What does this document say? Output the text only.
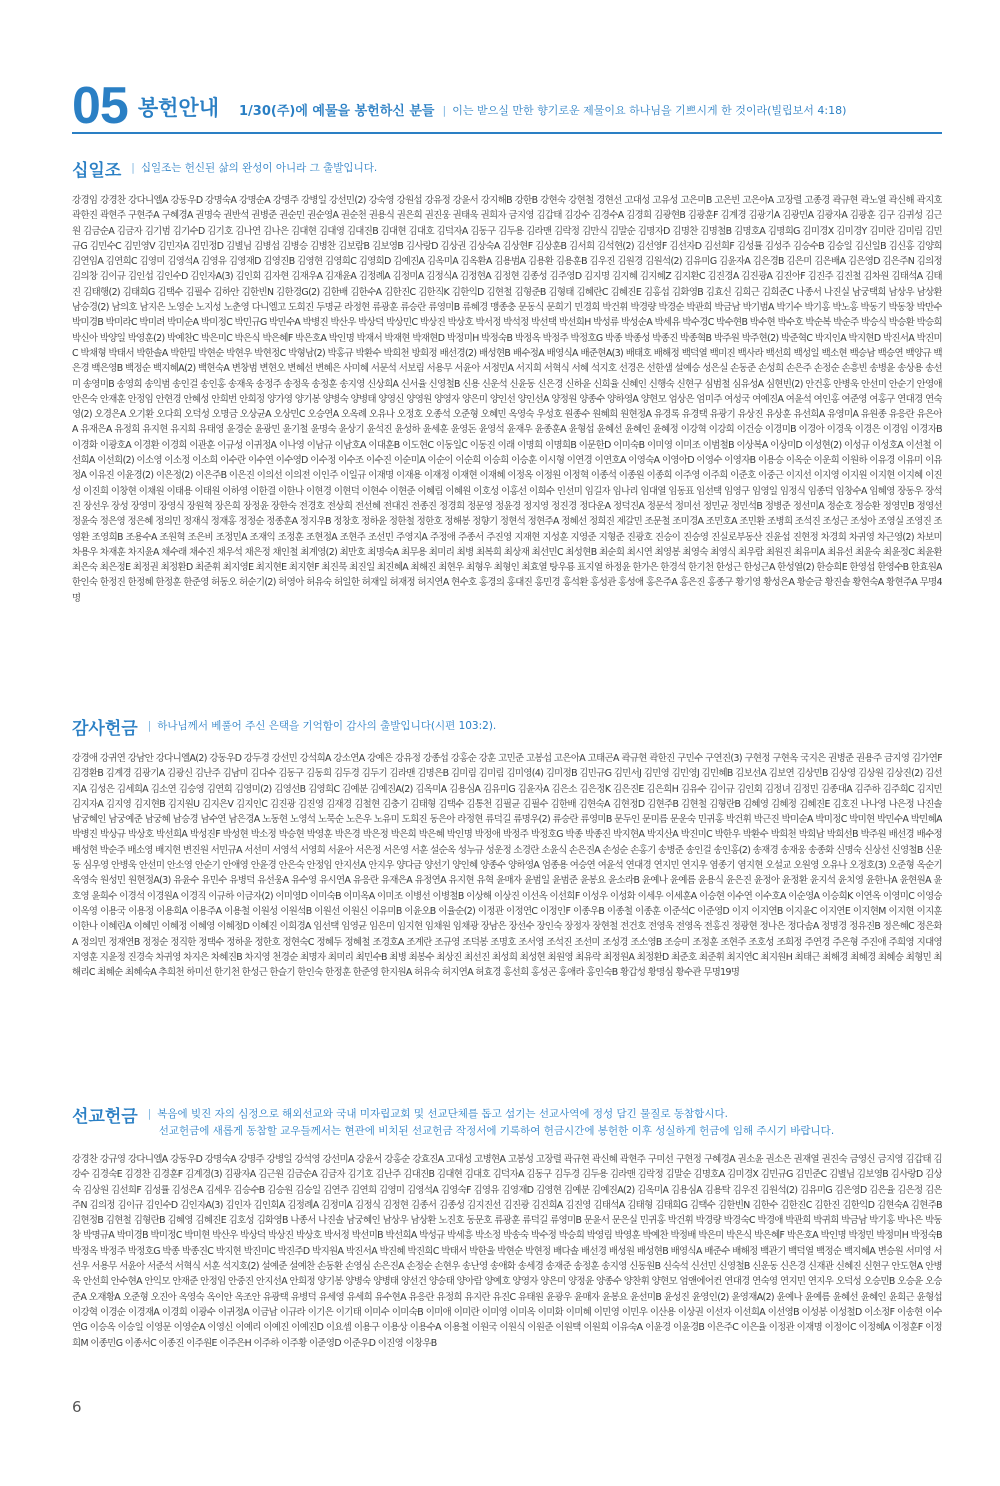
05 봉헌안내 1/30(주)에 예물을 봉헌하신 분들
|	이는 받으실 만한 향기로운 제물이요 하나님을 기쁘시게 한 것이라(빌립보서 4:18)
십일조 | 십일조는 헌신된 삶의 완성이 아니라 그 출발입니다.
강경임 강경찬 강다니엘A 강동우D 강명숙A 강명순A 강명주 강병일 강선민(2) 강숙영 강원섭 강유정 강윤서 강지해B 강한B 강현숙 강현철 경현선 고대성 고유성 고은미B 고은빈 고은아A 고장렬 고종경 곽규현 곽노열 곽신해 곽지호 곽한진 곽현주 구현주A 구혜경A 권명숙 권반석 권병준 권순민 권순영A 권순천 권용식 권은희 권진웅 권태욱 권희자 금지영 김갑태 김강수 김경수A 김경희 김광현B 김광훈F 김계경 김광기A 김광민A 김광자A 김광훈 김구 김귀성 김근원 김금순A 김금자 김기범 김기수D 김기호 김나연 김나은 김대현 김대영 김대진B 김대현 김대호 김덕자A 김동구 김두용 김라맨 김락정 김만식 김말순 김명자D 김명찬 김명철B 김명호A 김명희G 김미경X 김미경Y 김미란 김미림 김민규G 김민수C 김민영V 김민자A 김민정D 김별님 김병섭 김병승 김병찬 김보람B 김보영B 김사랑D 김상권 김상숙A 김상현F 김상훈B 김서희 김석현(2) 김선영F 김선자D 김선희F 김성률 김성주 김승수B 김승일 김신일B 김신홍 김양희 김연임A 김연희C 김영미 김영석A 김영유 김영재D 김영진B 김영현 김영희C 김영희D 김예진A 김옥미A 김옥환A 김용범A 김용환 김용훈B 김우진 김원경 김원석(2) 김유미G 김윤자A 김은경B 김은미 김은배A 김은영D 김은주N 김의정 김의창 김이규 김인섭 김인수D 김인자A(3) 김인회 김자현 김재우A 김재윤A 김정례A 김정미A 김정식A 김정현A 김정현 김종성 김주영D 김지명 김지혜 김지혜Z 김지환C 김진경A 김진광A 김진아F 김진주 김진철 김차원 김태석A 김태진 김태행(2) 김태희G 김택수 김필수 김하안 김한빈N 김한경G(2) 김한배 김한수A 김한진C 김한직K 김한익D 김현철 김형준B 김형태 김혜란C 김혜진E 김홍섭 김화영B 김효신 김희근 김희준C 나종서 나진실 남궁택희 남상우 남상환 남승경(2) 남의호 남지은 노영순 노지성 노춘영 다니엘고 도희진 두명균 라정현 류광훈 류승란 류영미B 류혜경 맹종충 문동식 문희기 민경희 박건휘 박경량 박경순 박관희 박금남 박기범A 박기수 박기홍 박노홍 박동기 박동창 박만수 박미경B 박미라C 박미려 박미순A 박미정C 박민규G 박민수A 박병진 박산우 박상덕 박상민C 박상진 박상호 박서정 박석정 박선택 박선희H 박성류 박성순A 박세유 박수경C 박수현B 박수현 박수호 박순복 박순주 박승식 박승환 박승희 박신아 박양일 박영훈(2) 박예찬C 박은미C 박은식 박은혜F 박은호A 박인명 박재서 박재현 박재현D 박정미H 박정숙B 박정옥 박정주 박정호G 박종 박종성 박종진 박종혁B 박주원 박주현(2) 박준혁C 박지인A 박지현D 박진서A 박진미C 박채형 박태서 박한솔A 박한밀 박현순 박현우 박현정C 박형남(2) 박홍규 박환수 박희천 방희정 배선경(2) 배성현B 배수정A 배영식A 배준현A(3) 배태호 배해정 백덕열 백미진 백사라 백선희 백성일 백소현 백승남 백승연 백양규 백은경 백은영B 백정순 백지혜A(2) 백현숙A 변창범 변현오 변혜선 변혜은 사미혜 서문석 서보림 서용무 서윤아 서정민A 서지희 서혁식 서혜 석지호 선경은 선한샘 설예승 성은실 손동준 손성희 손은주 손정순 손흥빈 송병윤 송상용 송선미 송영미B 송영희 송익범 송인걸 송인홍 송재욱 송정주 송정욱 송정훈 송지영 신상희A 신서율 신영철B 신용 신운석 신윤동 신은경 신하윤 신희율 신혜인 신행숙 신현구 심범철 심유성A 심현빈(2) 안건홍 안병욱 안선미 안순기 안영애 안은숙 안재훈 안정임 안현경 안혜성 안희번 안희정 양가영 양기봉 양병숙 양병태 양영신 양영원 양영자 양은미 양인선 양인선A 양정원 양종수 양하영A 양현모 엄상은 엄미주 여성국 여예진A 여윤석 여인홍 여준영 여홍구 연대경 연숙영(2) 오경은A 오기환 오다희 오덕성 오명금 오상균A 오상민C 오승연A 오옥례 오유나 오정호 오종석 오준형 오혜민 옥영숙 우성호 원종수 원혜희 원현정A 유경록 유경택 유광기 유상진 유상훈 유선희A 유영미A 유원종 유응란 유은아A 유재은A 유정희 유지현 유지희 유태영 윤경순 윤광민 윤기철 윤명숙 윤상기 윤석진 윤성하 윤세훈 윤영돈 윤영석 윤재우 윤종훈A 윤형섭 윤혜선 윤혜인 윤혜정 이강혁 이강희 이건승 이경미B 이경아 이경욱 이경은 이경임 이경자B 이경화 이광호A 이경환 이경희 이관훈 이규성 이귀정A 이나영 이남규 이남호A 이대훈B 이도현C 이동일C 이동진 이래 이명희 이명희B 이문한D 이미숙B 이미영 이미조 이범철B 이상복A 이상미D 이성현(2) 이성규 이성호A 이선철 이선희A 이선희(2) 이소영 이소정 이소희 이수란 이수연 이수영D 이수정 이수조 이수진 이순미A 이순이 이순희 이승희 이승훈 이시형 이연경 이연호A 이영숙A 이영아D 이영수 이영자B 이용승 이옥순 이운희 이원하 이유경 이유미 이유정A 이유진 이윤경(2) 이은정(2) 이은주B 이은진 이의선 이의전 이인주 이일규 이재명 이재용 이재정 이재현 이재혜 이정옥 이정원 이정혁 이종석 이종원 이종희 이주영 이주희 이준호 이중근 이지선 이지영 이지원 이지현 이지혜 이진성 이진희 이창현 이채원 이태용 이태원 이하영 이한결 이한나 이현경 이현덕 이현수 이현준 이혜림 이혜원 이호성 이홍선 이희수 인선미 임길자 임나리 임대열 임동표 임선택 임영구 임영일 임정식 임종덕 임창수A 임혜영 장동우 장석진 장선우 장성 장영미 장영식 장원혁 장은희 장정윤 장한숙 전경호 전상희 전선혜 전대진 전종진 정경희 정문영 정윤경 정지영 정진경 정다운A 정덕진A 정문석 정미선 정민균 정민석B 정병준 정선미A 정순호 정승환 정영민B 정영선 정윤숙 정은영 정은혜 정의민 정재식 정재홍 정정순 정종훈A 정지우B 정창호 정하윤 정한철 정한호 정해봉 정향기 정현석 정현주A 정혜선 정희진 제갈민 조문철 조미경A 조민호A 조민환 조병희 조석진 조성근 조성아 조영실 조영진 조영환 조영희B 조용수A 조원혁 조은비 조정민A 조재익 조정훈 조현정A 조현주 조선민 주영지A 주정애 주종서 주진영 지재현 지성훈 지영준 지형준 진광호 진승이 진승영 진실로부동산 진윤섭 진현정 차경희 차귀영 차근영(2) 차보미 차용우 차재훈 차지윤A 채수래 채수진 채우석 채은정 채인철 최계영(2) 최만호 최명숙A 최무용 최미리 최병 최복희 최상재 최선민C 최성현B 최순희 최시연 최영봉 최영숙 최영식 최우람 최원진 최유미A 최유선 최윤숙 최윤정C 최윤환 최은숙 최은정E 최정권 최정환D 최준휘 최지영E 최지현E 최지현F 최진묵 최진일 최진혜A 최해진 최현우 최형우 최형인 최효열 탕우룡 표지열 하정윤 한가은 한경석 한기천 한성근 한성근A 한성열(2) 한승희E 한영섭 한영수B 한효원A 한인숙 한정진 한정혜 한정훈 한준영 허동오 허순기(2) 허영아 허유숙 허일한 허재일 허재정 허지연A 현수호 홍경의 홍대진 홍민경 홍석환 홍성관 홍성애 홍은주A 홍은진 홍종구 황기영 황성은A 황순금 황진솔 황현숙A 황현주A 무명4명
감사헌금 | 하나님께서 베풀어 주신 은택을 기억함이 감사의 출발입니다(시편 103:2).
강경애 강귀연 강남안 강다니엘A(2) 강동우D 강두경 강선민 강석희A 강소연A 강예은 강유정 강종섭 강홍순 강훈 고민준 고봉섭 고은아A 고태곤A 곽규현 곽한진 구민수 구연진(3) 구현정 구현옥 국지은 권병준 권용주 금지영 김가연F 김경환B 김계경 김광기A 김광신 김난주 김남미 김다수 김동구 김동희 김두경 김두기 김라맨 김명은B 김미림 김미림 김미영(4) 김미정B 김민규G 김민서J 김민영 김민영J 김민혜B 김보선A 김보연 김상민B 김상영 김상원 김상진(2) 김선지A 김성은 김세희A 김소연 김승영 김연희 김영미(2) 김영선B 김영희C 김예분 김예진A(2) 김옥미A 김용심A 김유미G 김윤자A 김은소 김은정K 김은진E 김은희H 김유수 김이규 김인회 김정녀 김정민 김종대A 김주하 김주희C 김지민 김지자A 김지영 김지현B 김지원U 김지은V 김지인C 김진광 김진영 김재경 김철현 김충기 김태형 김택수 김통천 김필균 김필수 김한배 김현숙A 김현정D 김현주B 김현철 김형란B 김혜영 김혜정 김혜진E 김호진 나나영 나은정 나진솔 남궁혜인 남궁예준 남궁혜 남승경 남수연 남은경A 노동현 노영석 노묵순 노은우 노유미 도희진 동은아 라정현 류덕길 류명우(2) 류승란 류영미B 문두인 문미름 문운숙 민귀홍 박건휘 박근진 박미순A 박미정C 박미현 박민수A 박민혜A 박병진 박상규 박상호 박선희A 박성진F 박성현 박소정 박승현 박영훈 박은경 박은정 박은희 박은혜 박인명 박정애 박정주 박정호G 박종 박종진 박지현A 박지산A 박진미C 박한우 박환수 박희천 박희남 박희선B 박주원 배선경 배수정 배성현 박순주 배소영 배지현 변진원 서민규A 서선미 서영석 서영희 서윤아 서은정 서은영 서훈 설순옥 성누규 성운정 소경란 소윤식 손은진A 손성순 손홍기 송병준 송인걸 송인홍(2) 송재경 송재웅 송종화 신명숙 신상선 신영철B 신운동 심우영 안병욱 안선미 안소영 안순기 안애영 안윤경 안은숙 안정임 안지선A 안지우 양다금 양선기 양인혜 양종수 양하영A 엄종용 여승연 여윤석 연대경 연지민 연지우 염종기 염지현 오설교 오원영 오유나 오정호(3) 오준형 옥순기 옥영숙 원성민 원현정A(3) 유윤수 유민수 유병덕 유선웅A 유수영 유시연A 유응란 유재은A 유정연A 유지현 유혁 윤매자 윤범일 윤범준 윤봉요 윤소라B 윤예나 윤예름 윤용식 윤은진 윤정아 윤정환 윤지석 윤치영 윤한나A 윤현원A 윤호영 윤희수 이경석 이경원A 이경직 이규하 이금자(2) 이미영D 이미숙B 이미옥A 이미조 이병선 이병철B 이상해 이상진 이선옥 이선희F 이성우 이성화 이세우 이세훈A 이승현 이수연 이수호A 이순영A 이승희K 이연옥 이영미C 이영승 이옥영 이용국 이용정 이용희A 이용주A 이용철 이원성 이원석B 이원선 이원신 이유미B 이윤오B 이율순(2) 이정관 이정연C 이정인F 이종우B 이종철 이종훈 이준석C 이준영D 이지 이지연B 이지윤C 이지연E 이지현M 이지현 이지훈 이한나 이혜린A 이혜민 이혜정 이혜영 이혜정D 이혜진 이희경A 임선택 임영균 임은미 임지현 임채원 임채광 장남은 장선수 장인숙 장정자 장현철 전건호 전영욱 전영옥 전홍진 정광현 정나은 정다솜A 정명경 정유진B 정은혜C 정은화A 정의민 정재연B 정정순 정직한 정택수 정하윤 정한호 정현숙C 정혜두 정혜철 조경호A 조계란 조규영 조덕봉 조명호 조서영 조석진 조선미 조성경 조소영B 조승미 조정훈 조현주 조호성 조희정 주연경 주은형 주진애 주희영 지대영 지영훈 지윤정 진경숙 차귀영 차지은 차혜진B 차지영 천경순 최명자 최미리 최민수B 최병 최봉수 최상진 최선진 최성희 최성현 최원영 최유락 최정원A 최정환D 최준호 최준휘 최지연C 최지원H 최태근 최해경 최혜경 최혜승 최형민 최해리C 최혜순 최혜숙A 추희천 하미선 한기천 한성근 한슬기 한인숙 한정훈 한준영 한지원A 허유숙 허지연A 허효경 홍선희 홍성곤 홍애라 홍인숙B 황갑성 황명심 황수관 무명19명
선교헌금 | 복음에 빚진 자의 심정으로 해외선교와 국내 미자립교회 및 선교단체를 돕고 섬기는 선교사역에 정성 담긴 물질로 동참합시다.
선교헌금에 새롭게 동참할 교우들께서는 현관에 비치된 선교헌금 작정서에 기록하여 헌금시간에 봉헌한 이후 성실하게 헌금에 임해 주시기 바랍니다.
강경찬 강규영 강다니엘A 강동우D 강명숙A 강명주 강병일 강석영 강선미A 강윤서 강홍순 강효진A 고대성 고병현A 고봉성 고장렬 곽규현 곽신혜 곽현주 구미선 구현정 구혜경A 권소윤 권소은 권재열 권진숙 금영신 금지영 김갑태 김강수 김경숙E 김경찬 김경훈F 김계경(3) 김광자A 김근원 김금순A 김금자 김기호 김난주 김대진B 김대현 김대호 김덕자A 김동구 김두경 김두용 김라맨 김락정 김말순 김명호A 김미경X 김민규G 김민준C 김별님 김보영B 김사랑D 김상숙 김상원 김선희F 김성률 김성은A 김세우 김승수B 김승원 김승일 김연주 김연희 김영미 김영석A 김영숙F 김영유 김영재D 김영현 김예분 김예진A(2) 김옥미A 김용심A 김용탁 김우진 김원석(2) 김유미G 김은영D 김은율 김은정 김은주N 김의정 김이규 김인수D 김인자A(3) 김인자 김인회A 김정례A 김정미A 김정식 김정현 김종서 김종성 김지진선 김진광 김진희A 김진영 김태석A 김태형 김태희G 김택수 김한빈N 김한수 김한진C 김한진 김한익D 김현숙A 김현주B 김현정B 김현철 김형란B 김혜영 김혜진E 김호성 김화영B 나종서 나진솔 남궁혜인 남상우 남상환 노진호 동문호 류광훈 류덕길 류영미B 문윤서 문은실 민귀홍 박건휘 박경량 박경숙C 박경애 박관희 박귀희 박금남 박기홍 박나은 박동창 박명규A 박미경B 박미정C 박미현 박산우 박상덕 박상진 박상호 박서정 박선미B 박선희A 박성규 박세흥 박소정 박송숙 박수정 박승희 박영림 박영훈 박예찬 박정배 박은미 박은식 박은혜F 박은호A 박인명 박정민 박정미H 박정숙B 박정옥 박정주 박정호G 박종 박종진C 박지현 박진미C 박진주D 박지원A 박진서A 박진혜 박진희C 박태서 박한울 박현순 박현정 배다솔 배선경 배성원 배성현B 배영식A 배준수 배해정 백관기 백덕열 백정순 백지혜A 변승원 서미영 서선우 서용무 서윤아 서준석 서혁식 서훈 석지호(2) 설예준 설예찬 손동환 손영심 손은진A 손정순 손현우 송난영 송애화 송세경 송재준 송정훈 송지영 신동원B 신숙석 신선민 신영철B 신운동 신은경 신재관 신혜진 신현구 안도현A 안병욱 안선희 안수현A 안익모 안재준 안정임 안중진 안지선A 안희정 양기봉 양병숙 양병태 양선건 양승태 양아람 양예호 양영자 양은미 양정윤 양종수 양찬휘 양현모 엄앤에어컨 연대경 연숙영 연지민 연지우 오덕성 오승민B 오승윤 오승준A 오재황A 오준형 오진아 옥영숙 옥이안 옥조안 유광택 유병덕 유세영 유세희 유수현A 유응란 유정희 유지란 유진C 유태원 윤광우 윤매자 윤봉요 윤선미B 윤성진 윤영인(2) 윤영재A(2) 윤예나 윤예름 윤혜선 윤혜인 윤희근 윤형섭 이강혁 이경순 이경재A 이경희 이광수 이귀정A 이금남 이규라 이기은 이기태 이미수 이미숙B 이미애 이미란 이미영 이미옥 이미화 이미혜 이민영 이민우 이산용 이상권 이선자 이선희A 이선영B 이성봉 이성철D 이소정F 이송현 이수연G 이승옥 이승일 이영문 이영순A 이영신 이예리 이예진 이예진D 이요셉 이용구 이용상 이용수A 이용철 이원국 이원식 이원준 이원택 이원희 이유숙A 이윤경 이윤경B 이은주C 이은율 이정관 이재명 이정이C 이정혜A 이정훈F 이정희M 이종민G 이종서C 이종진 이주원E 이주은H 이주하 이주황 이준영D 이준우D 이진영 이창우B
6
